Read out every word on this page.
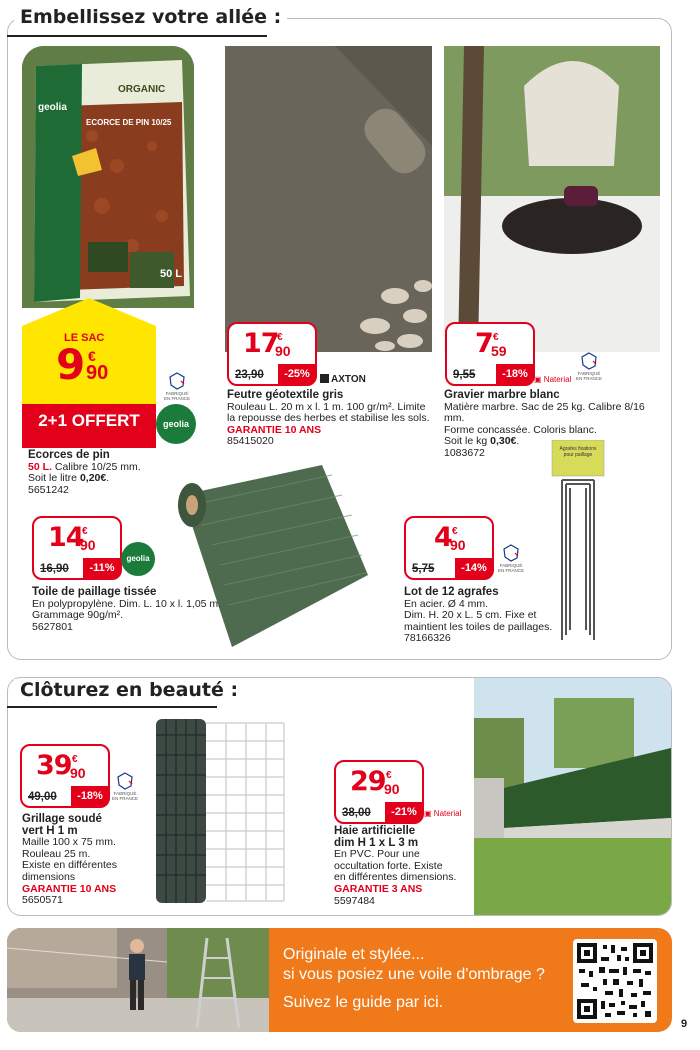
Embellissez votre allée :
geolia
ORGANIC
ECORCE DE PIN 10/25
50 L
LE SAC
9 €
90
2+1 OFFERT
FABRIQUÉ EN FRANCE
geolia
Ecorces de pin
50 L. Calibre 10/25 mm.
Soit le litre 0,20€.
5651242
17
€
90
23,90	-25%	AXTON
Feutre géotextile gris
Rouleau L. 20 m x l. 1 m. 100 gr/m². Limite
la repousse des herbes et stabilise les sols.
GARANTIE 10 ANS
85415020
7 €
59
9,55	-18% ▣ Naterial
FABRIQUÉ EN FRANCE
Gravier marbre blanc
Matière marbre. Sac de 25 kg. Calibre 8/16 mm.
Forme concassée. Coloris blanc.
Soit le kg 0,30€.
1083672
14
€
90
16,90	-11%
geolia
Toile de paillage tissée
En polypropylène. Dim. L. 10 x l. 1,05 m.
Grammage 90g/m².
5627801
Agrafes fixations pour paillage
4 €
90
5,75	-14%	FABRIQUÉ EN FRANCE
Lot de 12 agrafes
En acier. Ø 4 mm.
Dim. H. 20 x L. 5 cm. Fixe et
maintient les toiles de paillages.
78166326
Clôturez en beauté :
39 €
90
49,00	-18%	FABRIQUÉ EN FRANCE
Grillage soudé
vert H 1 m
Maille 100 x 75 mm.
Rouleau 25 m.
Existe en différentes
dimensions
GARANTIE 10 ANS
5650571
29 €
90
38,00	-21% ▣ Naterial
Haie artificielle
dim H 1 x L 3 m
En PVC. Pour une
occultation forte. Existe
en différentes dimensions.
GARANTIE 3 ANS
5597484
Originale et stylée...
si vous posiez une voile d'ombrage ?
Suivez le guide par ici.
9
